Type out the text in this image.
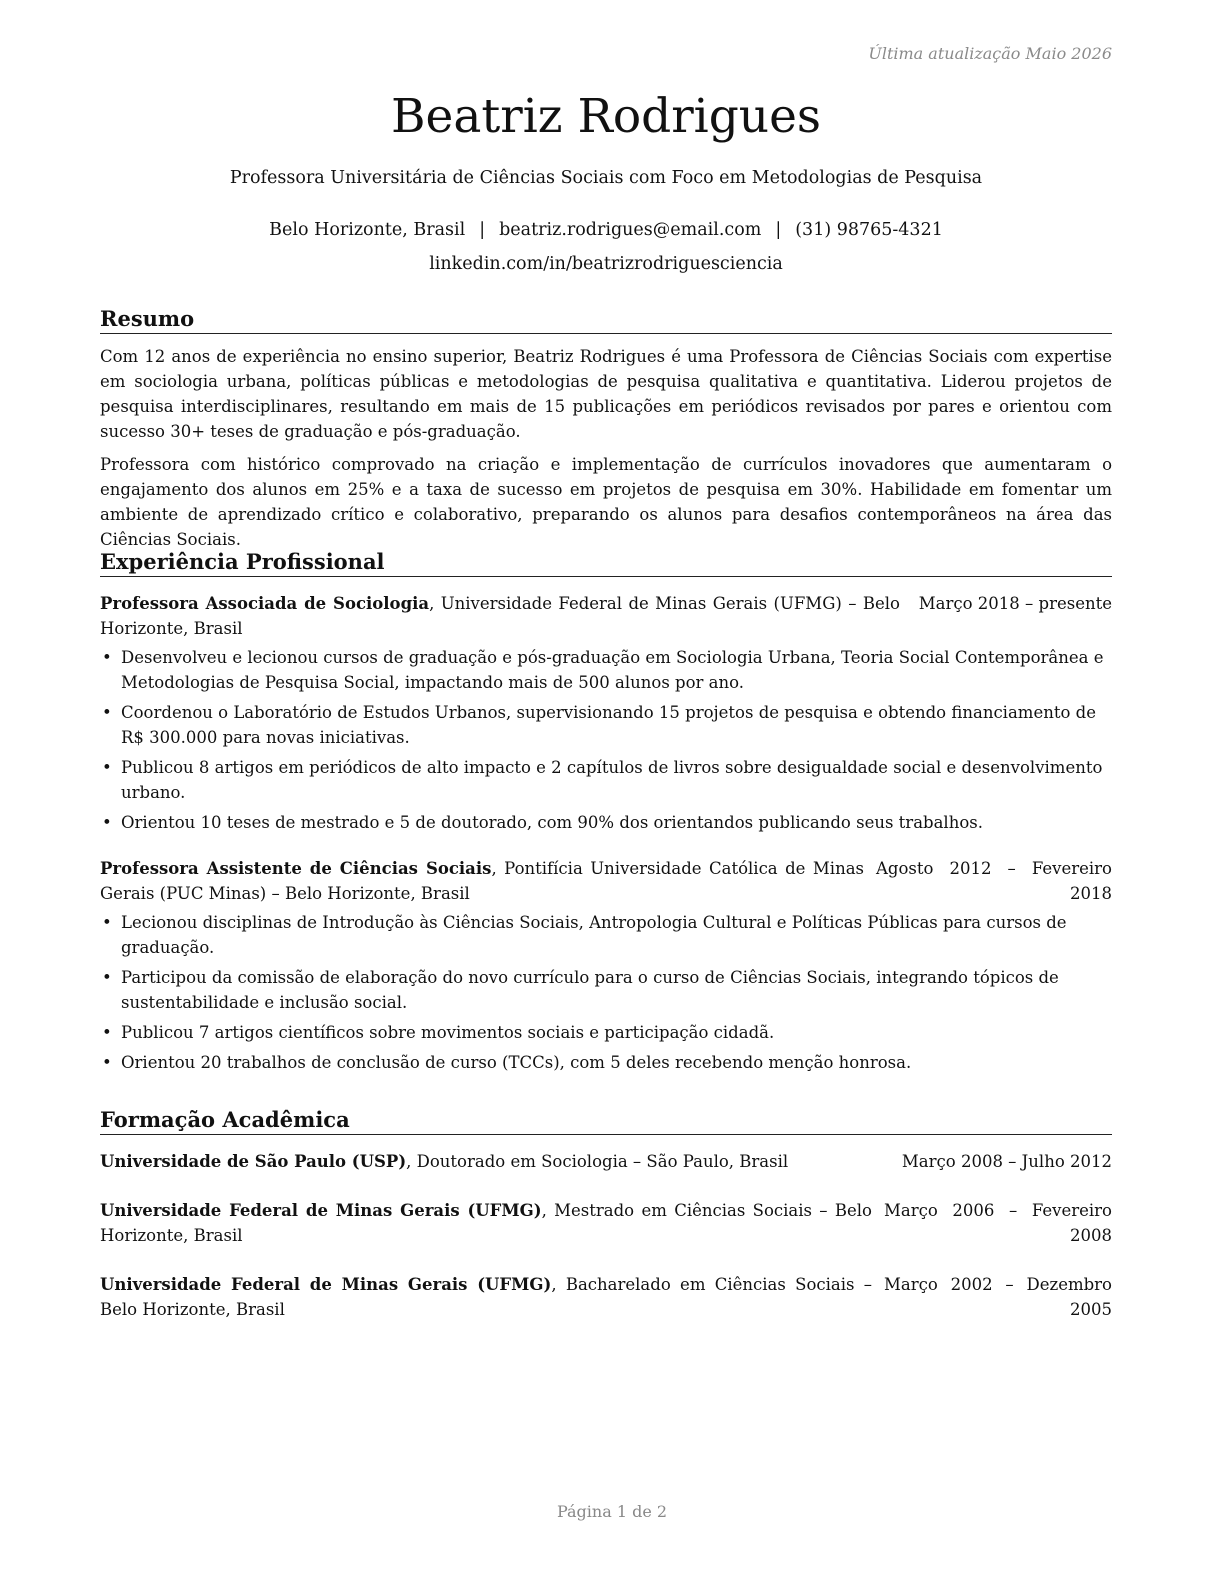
Última atualização Maio 2026
Beatriz Rodrigues
Professora Universitária de Ciências Sociais com Foco em Metodologias de Pesquisa
Belo Horizonte, Brasil | beatriz.rodrigues@email.com | (31) 98765-4321
linkedin.com/in/beatrizrodriguesciencia
Resumo
Com 12 anos de experiência no ensino superior, Beatriz Rodrigues é uma Professora de Ciências Sociais com expertise em sociologia urbana, políticas públicas e metodologias de pesquisa qualitativa e quantitativa. Liderou projetos de pesquisa interdisciplinares, resultando em mais de 15 publicações em periódicos revisados por pares e orientou com sucesso 30+ teses de graduação e pós-graduação.
Professora com histórico comprovado na criação e implementação de currículos inovadores que aumentaram o engajamento dos alunos em 25% e a taxa de sucesso em projetos de pesquisa em 30%. Habilidade em fomentar um ambiente de aprendizado crítico e colaborativo, preparando os alunos para desafios contemporâneos na área das Ciências Sociais.
Experiência Profissional
Professora Associada de Sociologia, Universidade Federal de Minas Gerais (UFMG) – Belo Horizonte, Brasil
Março 2018 – presente
• Desenvolveu e lecionou cursos de graduação e pós-graduação em Sociologia Urbana, Teoria Social Contemporânea e Metodologias de Pesquisa Social, impactando mais de 500 alunos por ano.
• Coordenou o Laboratório de Estudos Urbanos, supervisionando 15 projetos de pesquisa e obtendo financiamento de R$ 300.000 para novas iniciativas.
• Publicou 8 artigos em periódicos de alto impacto e 2 capítulos de livros sobre desigualdade social e desenvolvimento urbano.
• Orientou 10 teses de mestrado e 5 de doutorado, com 90% dos orientandos publicando seus trabalhos.
Professora Assistente de Ciências Sociais, Pontifícia Universidade Católica de Minas Gerais (PUC Minas) – Belo Horizonte, Brasil
Agosto 2012 – Fevereiro 2018
• Lecionou disciplinas de Introdução às Ciências Sociais, Antropologia Cultural e Políticas Públicas para cursos de graduação.
• Participou da comissão de elaboração do novo currículo para o curso de Ciências Sociais, integrando tópicos de sustentabilidade e inclusão social.
• Publicou 7 artigos científicos sobre movimentos sociais e participação cidadã.
• Orientou 20 trabalhos de conclusão de curso (TCCs), com 5 deles recebendo menção honrosa.
Formação Acadêmica
Universidade de São Paulo (USP), Doutorado em Sociologia – São Paulo, Brasil	Março 2008 – Julho 2012
Universidade Federal de Minas Gerais (UFMG), Mestrado em Ciências Sociais – Belo Horizonte, Brasil
Março 2006 – Fevereiro 2008
Universidade Federal de Minas Gerais (UFMG), Bacharelado em Ciências Sociais – Belo Horizonte, Brasil
Março 2002 – Dezembro 2005
Página 1 de 2
